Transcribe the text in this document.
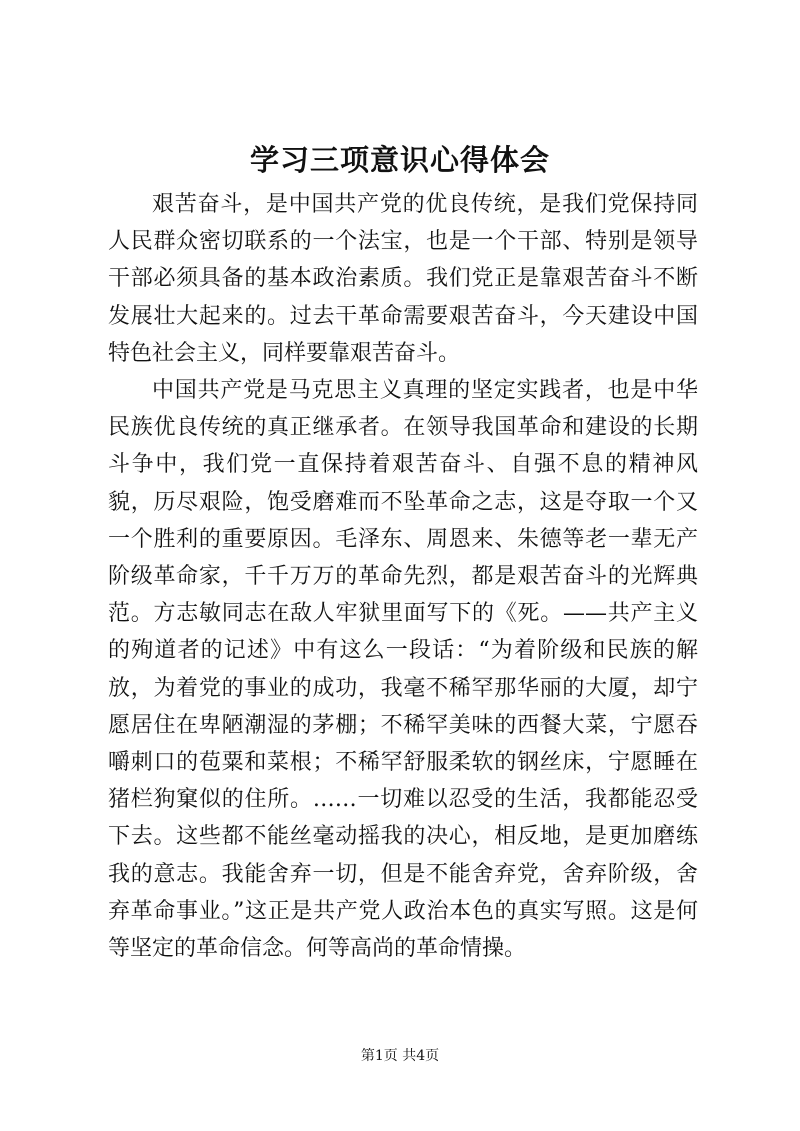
学习三项意识心得体会

艰苦奋斗，是中国共产党的优良传统，是我们党保持同人民群众密切联系的一个法宝，也是一个干部、特别是领导干部必须具备的基本政治素质。我们党正是靠艰苦奋斗不断发展壮大起来的。过去干革命需要艰苦奋斗，今天建设中国特色社会主义，同样要靠艰苦奋斗。

中国共产党是马克思主义真理的坚定实践者，也是中华民族优良传统的真正继承者。在领导我国革命和建设的长期斗争中，我们党一直保持着艰苦奋斗、自强不息的精神风貌，历尽艰险，饱受磨难而不坠革命之志，这是夺取一个又一个胜利的重要原因。毛泽东、周恩来、朱德等老一辈无产阶级革命家，千千万万的革命先烈，都是艰苦奋斗的光辉典范。方志敏同志在敌人牢狱里面写下的《死。——共产主义的殉道者的记述》中有这么一段话：“为着阶级和民族的解放，为着党的事业的成功，我毫不稀罕那华丽的大厦，却宁愿居住在卑陋潮湿的茅棚；不稀罕美味的西餐大菜，宁愿吞嚼刺口的苞粟和菜根；不稀罕舒服柔软的钢丝床，宁愿睡在猪栏狗窠似的住所。……一切难以忍受的生活，我都能忍受下去。这些都不能丝毫动摇我的决心，相反地，是更加磨练我的意志。我能舍弃一切，但是不能舍弃党，舍弃阶级，舍弃革命事业。”这正是共产党人政治本色的真实写照。这是何等坚定的革命信念。何等高尚的革命情操。

第1页 共4页
